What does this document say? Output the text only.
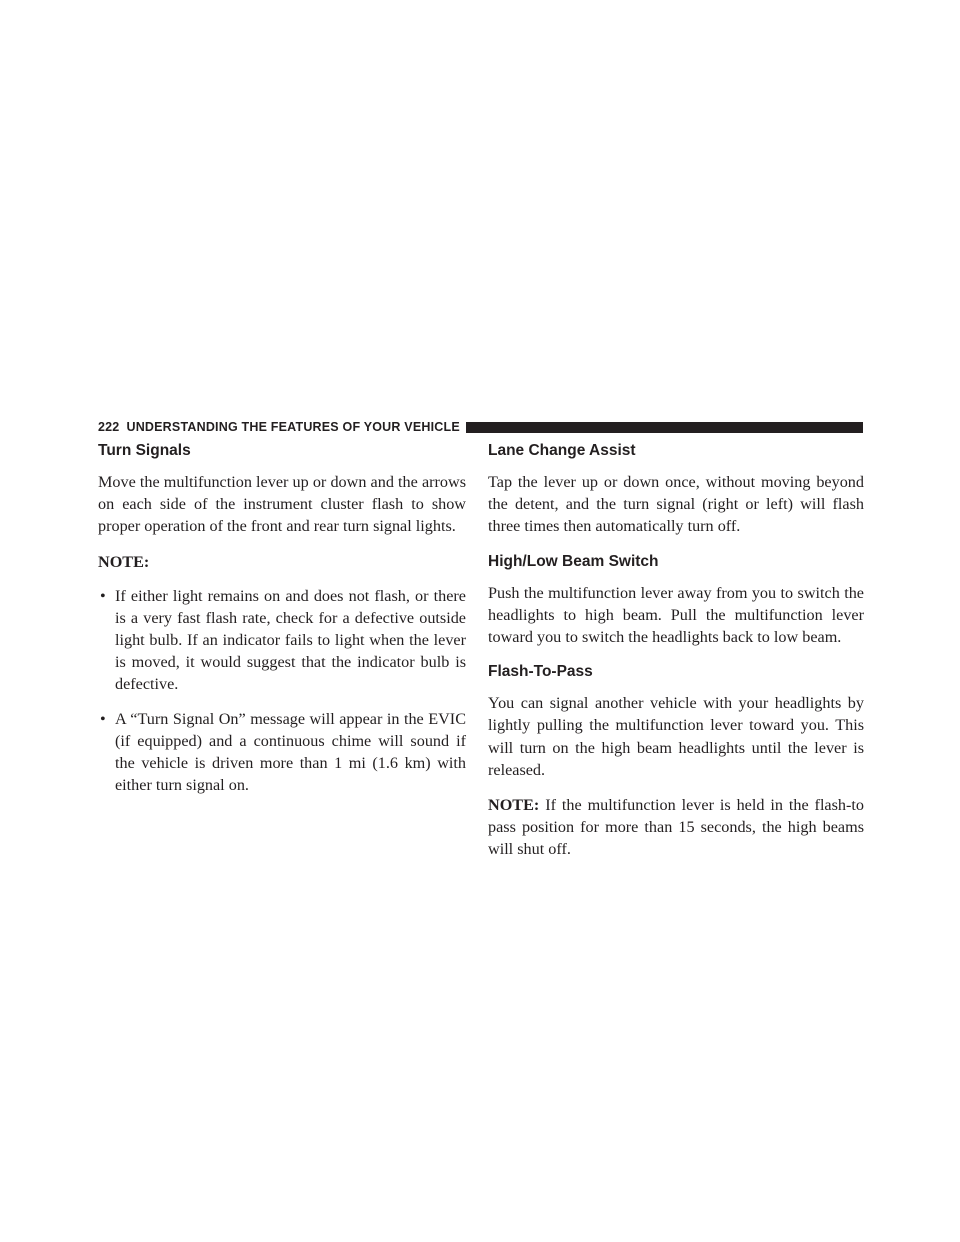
222 UNDERSTANDING THE FEATURES OF YOUR VEHICLE
Turn Signals

Move the multifunction lever up or down and the arrows on each side of the instrument cluster flash to show proper operation of the front and rear turn signal lights.

NOTE:
• If either light remains on and does not flash, or there is a very fast flash rate, check for a defective outside light bulb. If an indicator fails to light when the lever is moved, it would suggest that the indicator bulb is defective.
• A “Turn Signal On” message will appear in the EVIC (if equipped) and a continuous chime will sound if the vehicle is driven more than 1 mi (1.6 km) with either turn signal on.
Lane Change Assist

Tap the lever up or down once, without moving beyond the detent, and the turn signal (right or left) will flash three times then automatically turn off.

High/Low Beam Switch

Push the multifunction lever away from you to switch the headlights to high beam. Pull the multifunction lever toward you to switch the headlights back to low beam.

Flash-To-Pass

You can signal another vehicle with your headlights by lightly pulling the multifunction lever toward you. This will turn on the high beam headlights until the lever is released.

NOTE: If the multifunction lever is held in the flash-to pass position for more than 15 seconds, the high beams will shut off.
